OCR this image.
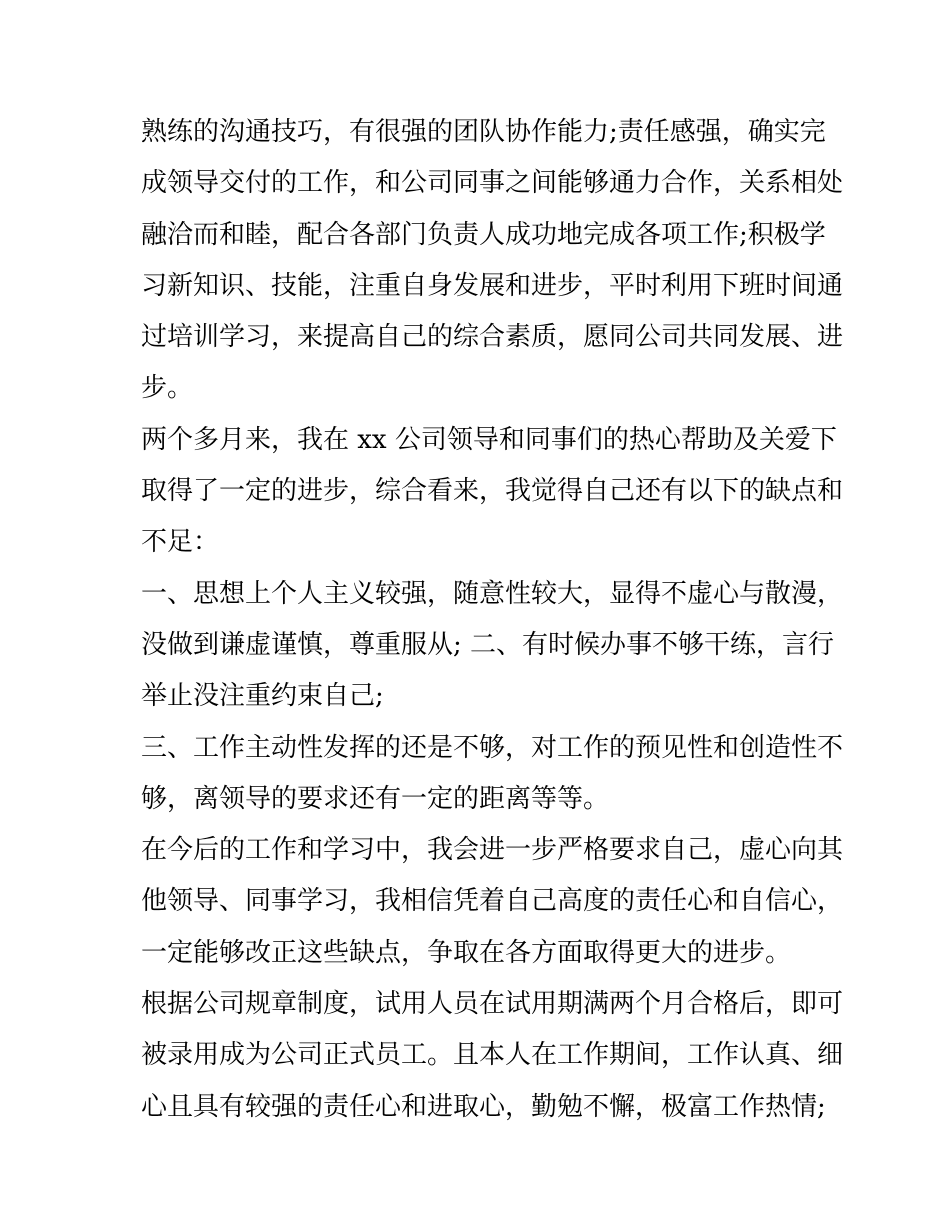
熟练的沟通技巧，有很强的团队协作能力;责任感强，确实完
成领导交付的工作，和公司同事之间能够通力合作，关系相处
融洽而和睦，配合各部门负责人成功地完成各项工作;积极学
习新知识、技能，注重自身发展和进步，平时利用下班时间通
过培训学习，来提高自己的综合素质，愿同公司共同发展、进
步。
两个多月来，我在 xx 公司领导和同事们的热心帮助及关爱下
取得了一定的进步，综合看来，我觉得自己还有以下的缺点和
不足：
一、思想上个人主义较强，随意性较大，显得不虚心与散漫，
没做到谦虚谨慎，尊重服从; 二、有时候办事不够干练，言行
举止没注重约束自己;
三、工作主动性发挥的还是不够，对工作的预见性和创造性不
够，离领导的要求还有一定的距离等等。
在今后的工作和学习中，我会进一步严格要求自己，虚心向其
他领导、同事学习，我相信凭着自己高度的责任心和自信心，
一定能够改正这些缺点，争取在各方面取得更大的进步。
根据公司规章制度，试用人员在试用期满两个月合格后，即可
被录用成为公司正式员工。且本人在工作期间，工作认真、细
心且具有较强的责任心和进取心，勤勉不懈，极富工作热情;
